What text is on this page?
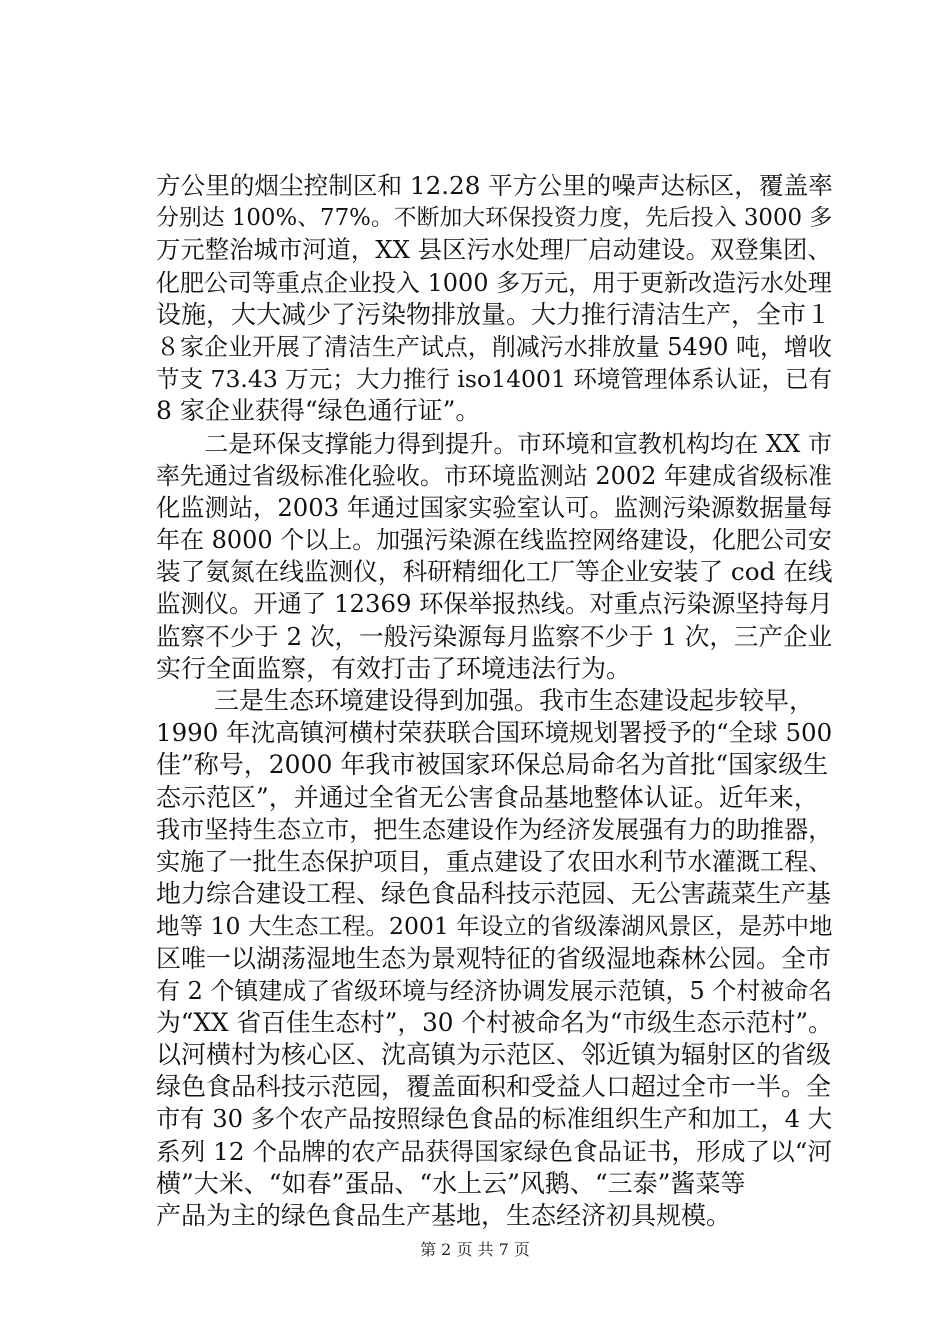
方公里的烟尘控制区和 12.28 平方公里的噪声达标区，覆盖率
分别达 100%、77%。不断加大环保投资力度，先后投入 3000 多
万元整治城市河道，XX 县区污水处理厂启动建设。双登集团、
化肥公司等重点企业投入 1000 多万元，用于更新改造污水处理
设施，大大减少了污染物排放量。大力推行清洁生产，全市１
８家企业开展了清洁生产试点，削减污水排放量 5490 吨，增收
节支 73.43 万元；大力推行 iso14001 环境管理体系认证，已有
8 家企业获得“绿色通行证”。
　　二是环保支撑能力得到提升。市环境和宣教机构均在 XX 市
率先通过省级标准化验收。市环境监测站 2002 年建成省级标准
化监测站，2003 年通过国家实验室认可。监测污染源数据量每
年在 8000 个以上。加强污染源在线监控网络建设，化肥公司安
装了氨氮在线监测仪，科研精细化工厂等企业安装了 cod 在线
监测仪。开通了 12369 环保举报热线。对重点污染源坚持每月
监察不少于 2 次，一般污染源每月监察不少于 1 次，三产企业
实行全面监察，有效打击了环境违法行为。
　　 三是生态环境建设得到加强。我市生态建设起步较早，
1990 年沈高镇河横村荣获联合国环境规划署授予的“全球 500
佳”称号，2000 年我市被国家环保总局命名为首批“国家级生
态示范区”，并通过全省无公害食品基地整体认证。近年来，
我市坚持生态立市，把生态建设作为经济发展强有力的助推器，
实施了一批生态保护项目，重点建设了农田水利节水灌溉工程、
地力综合建设工程、绿色食品科技示范园、无公害蔬菜生产基
地等 10 大生态工程。2001 年设立的省级溱湖风景区，是苏中地
区唯一以湖荡湿地生态为景观特征的省级湿地森林公园。全市
有 2 个镇建成了省级环境与经济协调发展示范镇，5 个村被命名
为“XX 省百佳生态村”，30 个村被命名为“市级生态示范村”。
以河横村为核心区、沈高镇为示范区、邻近镇为辐射区的省级
绿色食品科技示范园，覆盖面积和受益人口超过全市一半。全
市有 30 多个农产品按照绿色食品的标准组织生产和加工，4 大
系列 12 个品牌的农产品获得国家绿色食品证书，形成了以“河
横”大米、“如春”蛋品、“水上云”风鹅、“三泰”酱菜等
产品为主的绿色食品生产基地，生态经济初具规模。
第 2 页 共 7 页
